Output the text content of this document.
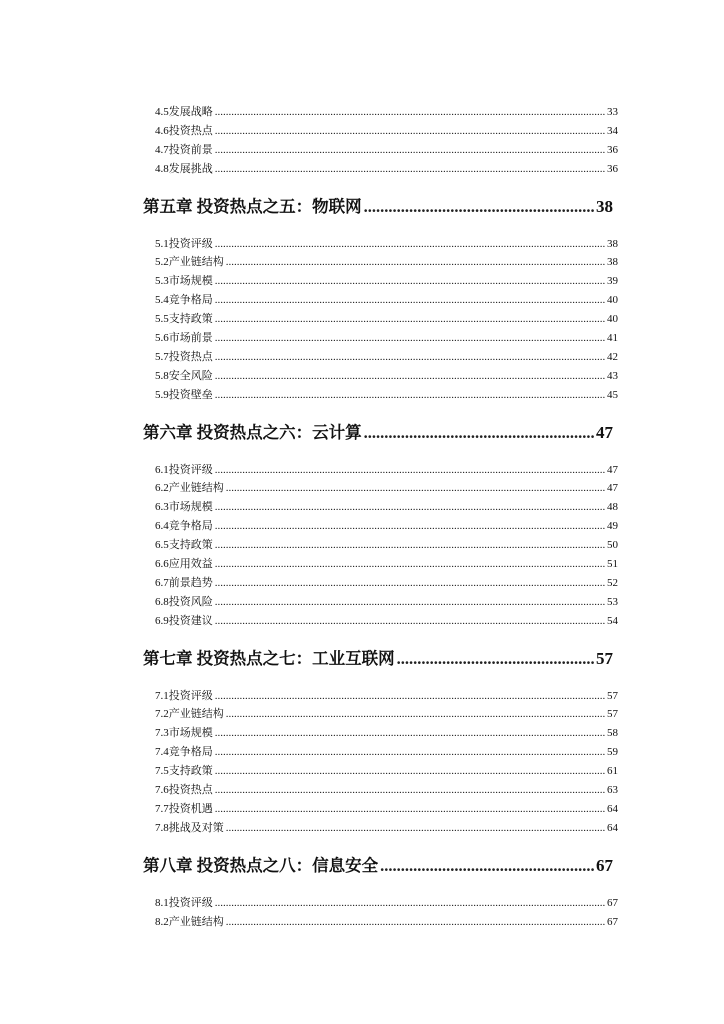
4.5 发展战略 .....	33
4.6 投资热点 .....	34
4.7 投资前景 .....	36
4.8 发展挑战 .....	36
第五章 投资热点之五：物联网 .....	38
5.1 投资评级 .....	38
5.2 产业链结构 .....	38
5.3 市场规模 .....	39
5.4 竞争格局 .....	40
5.5 支持政策 .....	40
5.6 市场前景 .....	41
5.7 投资热点 .....	42
5.8 安全风险 .....	43
5.9 投资壁垒 .....	45
第六章 投资热点之六：云计算 .....	47
6.1 投资评级 .....	47
6.2 产业链结构 .....	47
6.3 市场规模 .....	48
6.4 竞争格局 .....	49
6.5 支持政策 .....	50
6.6 应用效益 .....	51
6.7 前景趋势 .....	52
6.8 投资风险 .....	53
6.9 投资建议 .....	54
第七章 投资热点之七：工业互联网 .....	57
7.1 投资评级 .....	57
7.2 产业链结构 .....	57
7.3 市场规模 .....	58
7.4 竞争格局 .....	59
7.5 支持政策 .....	61
7.6 投资热点 .....	63
7.7 投资机遇 .....	64
7.8 挑战及对策 .....	64
第八章 投资热点之八：信息安全 .....	67
8.1 投资评级 .....	67
8.2 产业链结构 .....	67
